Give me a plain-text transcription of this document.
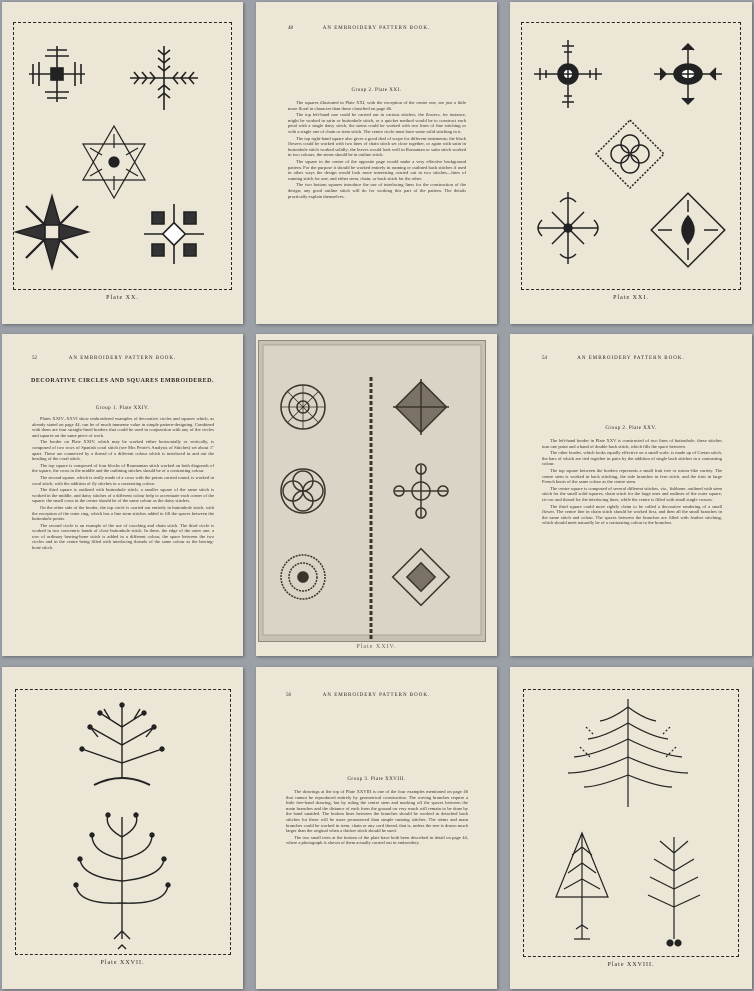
Plate XX.
48	AN EMBROIDERY PATTERN BOOK.
Group 2. Plate XXI.

The squares illustrated in Plate XXI, with the exception of the centre one, are just a little more floral in character than those classified on page 46.

The top left-hand one could be carried out in various stitches; the flowers, for instance, might be worked in satin or buttonhole stitch, or a quicker method would be to construct each petal with a single daisy stitch, the stems could be worked with two lines of fine stitching or with a single one of chain or stem stitch. The centre circle must have some solid stitching in it.

The top right-hand square also gives a good deal of scope for different treatments; the black flowers could be worked with two lines of chain stitch set close together, or again with satin in buttonhole stitch worked solidly; the leaves would look well in Romanian or satin stitch worked in two colours, the stems should be in outline stitch.

The square in the centre of the opposite page would make a very effective background pattern. For the purpose it should be worked entirely in running or outlined back stitches if used in other ways the design would look more interesting carried out in two stitches—lines of running stitch for one, and either stem, chain, or back stitch for the other.

The two bottom squares introduce the use of interlacing lines for the construction of the design; any good outline stitch will do for working this part of the pattern. The details practically explain themselves.

Plate XXI.
52	AN EMBROIDERY PATTERN BOOK.
DECORATIVE CIRCLES AND SQUARES EMBROIDERED.
Group 1. Plate XXIV.

Plates XXIV–XXVI show embroidered examples of decorative circles and squares which, as already stated on page 44, can be of much immense value in simple pattern-designing. Combined with them are four straight-lined borders that could be used in conjunction with any of the circles and squares on the same piece of work.

The border on Plate XXIV, which may be worked either horizontally or vertically, is composed of two rows of Spanish coral stitch (see Mrs Petrie's Analysis of Stitches) set about 1" apart. These are connected by a thread of a different colour which is interlaced in and out the heading of the coral stitch.

The top square is composed of four blocks of Roumanian stitch worked on both diagonals of the square, the cross in the middle and the outlining stitches should be of a contrasting colour.

The second square, which is really made of a cross with the points carried round, is worked in coral stitch, with the addition of fly stitches in a contrasting colour.

The third square is outlined with buttonhole stitch, a smaller square of the same stitch is worked in the middle, and daisy stitches of a different colour help to accentuate each corner of the square; the small cross in the centre should be of the same colour as the daisy stitches.

On the other side of the border, the top circle is carried out entirely in buttonhole stitch, with the exception of the outer ring, which has a line stem stitches added to fill the spaces between the buttonhole points.

The second circle is an example of the use of couching and chain stitch. The third circle is worked in two concentric bands of close buttonhole stitch. In these, the edge of the outer one, a row of ordinary herring-bone stitch is added in a different colour, the space between the two circles and in the centre being filled with interlacing threads of the same colour as the herring-bone stitch.

Plate XXIV.
54	AN EMBROIDERY PATTERN BOOK.
Group 2. Plate XXV.

The left-hand border in Plate XXV is constructed of two lines of buttonhole, these stitches turn one point and a band of double back stitch, which fills the space between.

The other border, which looks equally effective on a small scale, is made up of Cretan stitch, the bars of which are tied together in pairs by the addition of single back stitches in a contrasting colour.

The top square between the borders represents a small fruit tree or mirror-like variety. The centre stem is worked in back stitching, the side branches in fern stitch, and the fruit in large French knots of the same colour as the centre stem.

The centre square is composed of several different stitches, viz., fishbone, outlined with stem stitch for the small solid squares, chain stitch for the large ones and outlines of the outer square, ric-rac and thread for the interlacing lines, while the centre is filled with small single crosses.

The third square could more rightly claim to be called a decorative rendering of a small flower. The centre line in chain stitch should be worked first, and then all the small branches in the same stitch and colour. The spaces between the branches are filled with feather stitching, which should meet naturally be of a contrasting colour to the branches.

Plate XXVII.
56	AN EMBROIDERY PATTERN BOOK.
Group 3. Plate XXVIII.

The drawings at the top of Plate XXVIII is one of the four examples mentioned on page 46 that cannot be reproduced entirely by geometrical construction. The waving branches require a little free-hand drawing, but by ruling the centre stem and marking off the spaces between the main branches and the distance of each from the ground on very much will remain to be done by the hand unaided. The broken lines between the branches should be worked in detached back stitches for these will be more pronounced than simple running stitches. The stems and main branches could be worked in stem, chain or any cord thread, that is, unless the tree is drawn much larger than the original when a thicker stitch should be used.

The two small trees at the bottom of the plate have both been described in detail on page 44, where a photograph is shown of them actually carried out in embroidery.

Plate XXVIII.
